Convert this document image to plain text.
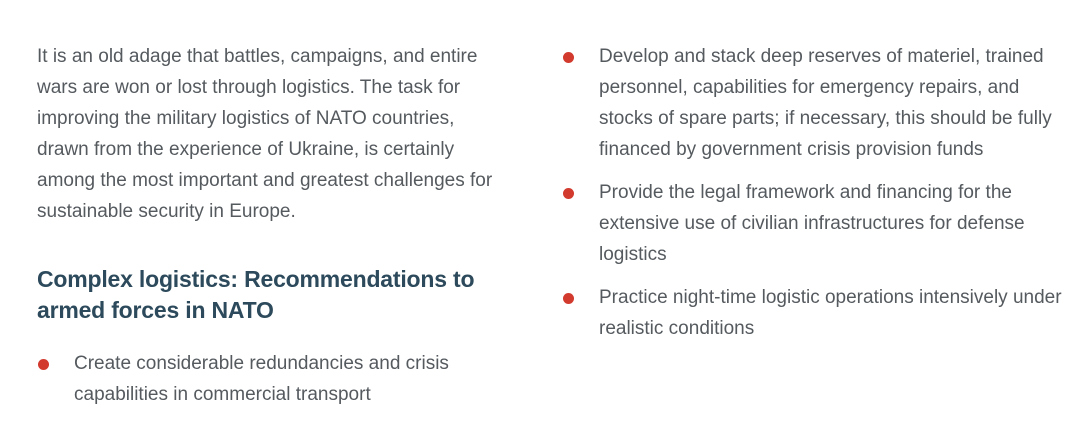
It is an old adage that battles, campaigns, and entire wars are won or lost through logistics. The task for improving the military logistics of NATO countries, drawn from the experience of Ukraine, is certainly among the most important and greatest challenges for sustainable security in Europe.

Complex logistics: Recommendations to
armed forces in NATO
Create considerable redundancies and crisis capabilities in commercial transport
Develop and stack deep reserves of materiel, trained personnel, capabilities for emergency repairs, and stocks of spare parts; if necessary, this should be fully financed by government crisis provision funds
Provide the legal framework and financing for the extensive use of civilian infrastructures for defense logistics
Practice night-time logistic operations intensively under realistic conditions
